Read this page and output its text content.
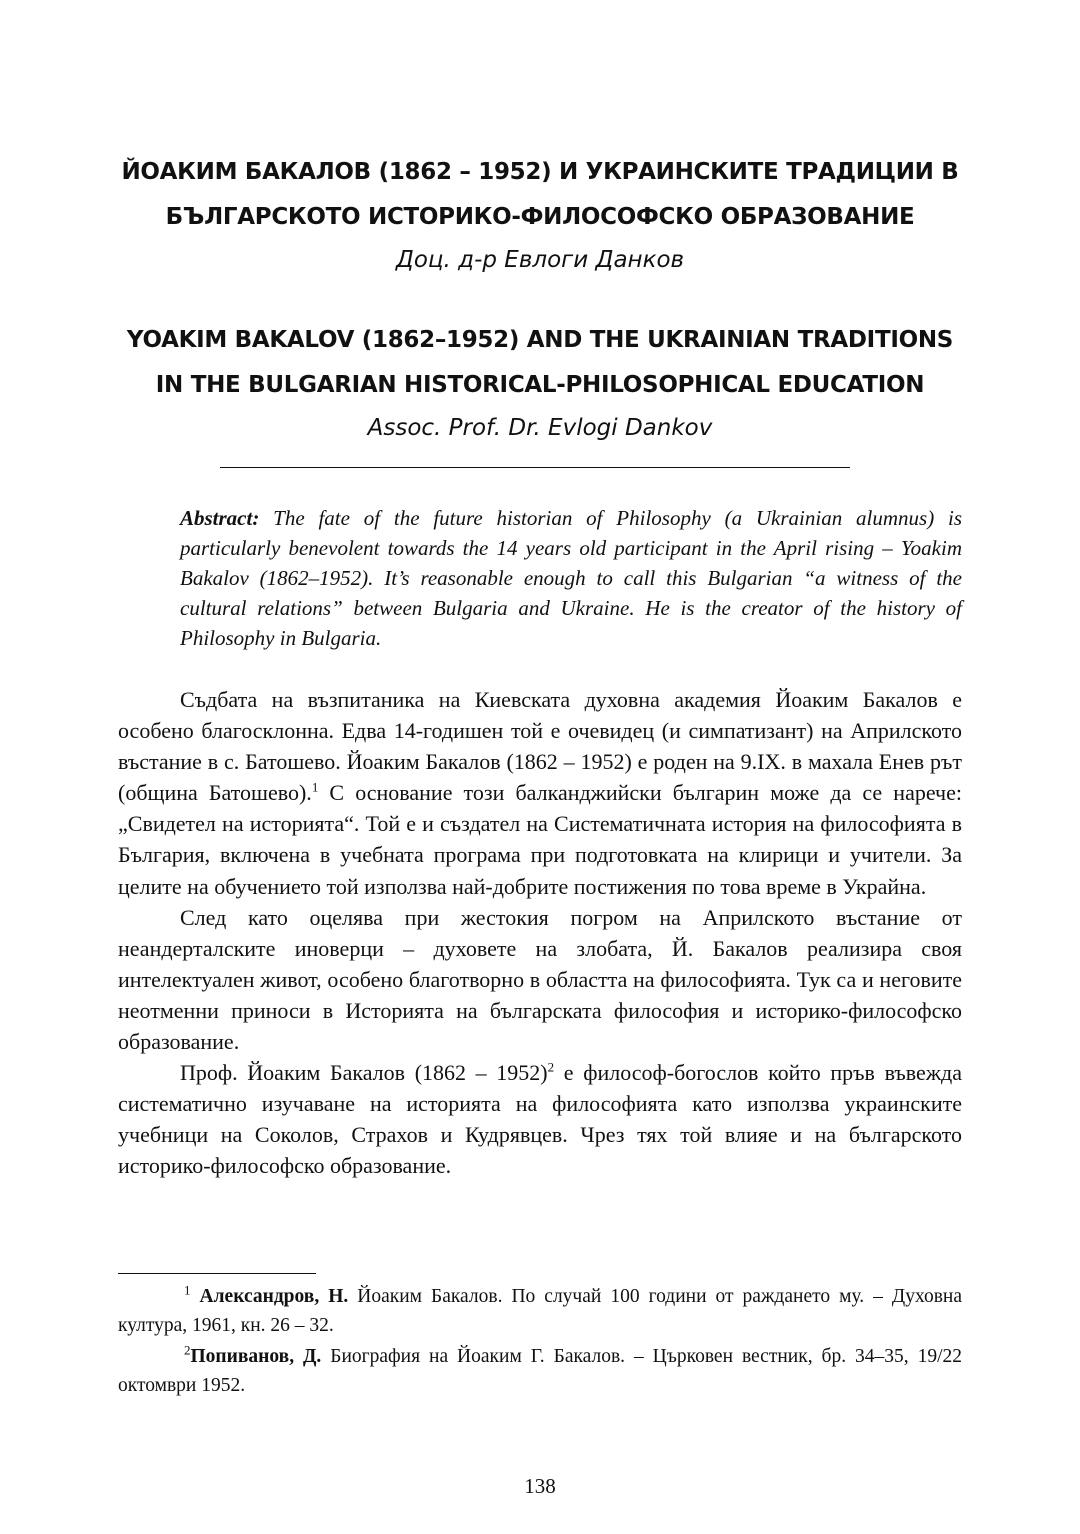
ЙОАКИМ БАКАЛОВ (1862 – 1952) И УКРАИНСКИТЕ ТРАДИЦИИ В
БЪЛГАРСКОТО ИСТОРИКО-ФИЛОСОФСКО ОБРАЗОВАНИЕ
Доц. д-р Евлоги Данков
YOAKIM BAKALOV (1862–1952) AND THE UKRAINIAN TRADITIONS
IN THE BULGARIAN HISTORICAL-PHILOSOPHICAL EDUCATION
Assoc. Prof. Dr. Evlogi Dankov
Abstract: The fate of the future historian of Philosophy (a Ukrainian alumnus) is particularly benevolent towards the 14 years old participant in the April rising – Yoakim Bakalov (1862–1952). It’s reasonable enough to call this Bulgarian “a witness of the cultural relations” between Bulgaria and Ukraine. He is the creator of the history of Philosophy in Bulgaria.

Съдбата на възпитаника на Киевската духовна академия Йоаким Бакалов е особено благосклонна. Едва 14-годишен той е очевидец (и симпатизант) на Априлското въстание в с. Батошево. Йоаким Бакалов (1862 – 1952) е роден на 9.IX. в махала Енев рът (община Батошево).$^1$ С основание този балканджийски българин може да се нарече: „Свидетел на историята“. Той е и създател на Систематичната история на философията в България, включена в учебната програма при подготовката на клирици и учители. За целите на обучението той използва най-добрите постижения по това време в Украйна.

След като оцелява при жестокия погром на Априлското въстание от неандерталските иноверци – духовете на злобата, Й. Бакалов реализира своя интелектуален живот, особено благотворно в областта на философията. Тук са и неговите неотменни приноси в Историята на българската философия и историко-философско образование.

Проф. Йоаким Бакалов (1862 – 1952)$^2$ е философ-богослов който пръв въвежда систематично изучаване на историята на философията като използва украинските учебници на Соколов, Страхов и Кудрявцев. Чрез тях той влияе и на българското историко-философско образование.

$^1$ Александров, Н. Йоаким Бакалов. По случай 100 години от раждането му. – Духовна култура, 1961, кн. 26 – 32.

$^2$Попиванов, Д. Биография на Йоаким Г. Бакалов. – Църковен вестник, бр. 34–35, 19/22 октомври 1952.

138
